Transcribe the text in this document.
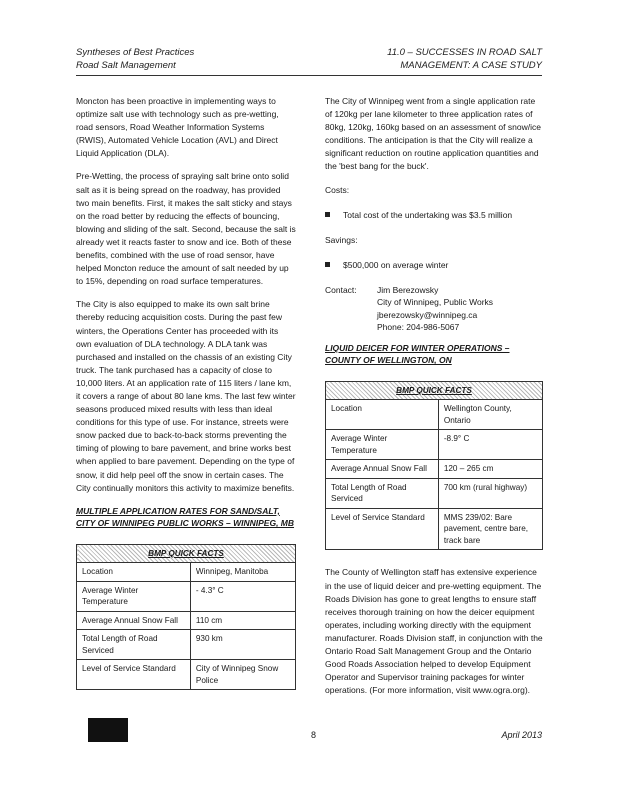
Syntheses of Best Practices
Road Salt Management
11.0 – SUCCESSES IN ROAD SALT
MANAGEMENT: A CASE STUDY

Moncton has been proactive in implementing ways to optimize salt use with technology such as pre-wetting, road sensors, Road Weather Information Systems (RWIS), Automated Vehicle Location (AVL) and Direct Liquid Application (DLA).

Pre-Wetting, the process of spraying salt brine onto solid salt as it is being spread on the roadway, has provided two main benefits. First, it makes the salt sticky and stays on the road better by reducing the effects of bouncing, blowing and sliding of the salt. Second, because the salt is already wet it reacts faster to snow and ice. Both of these benefits, combined with the use of road sensor, have helped Moncton reduce the amount of salt needed by up to 15%, depending on road surface temperatures.

The City is also equipped to make its own salt brine thereby reducing acquisition costs. During the past few winters, the Operations Center has proceeded with its own evaluation of DLA technology. A DLA tank was purchased and installed on the chassis of an existing City truck. The tank purchased has a capacity of close to 10,000 liters. At an application rate of 115 liters / lane km, it covers a range of about 80 lane kms. The last few winter seasons produced mixed results with less than ideal conditions for this type of use. For instance, streets were snow packed due to back-to-back storms preventing the timing of plowing to bare pavement, and brine works best when applied to bare pavement. Depending on the type of snow, it did help peel off the snow in certain cases. The City continually monitors this activity to maximize benefits.

MULTIPLE APPLICATION RATES FOR SAND/SALT, CITY OF WINNIPEG PUBLIC WORKS – WINNIPEG, MB
BMP QUICK FACTS	
Location	Winnipeg, Manitoba
Average Winter Temperature	- 4.3° C
Average Annual Snow Fall	110 cm
Total Length of Road Serviced	930 km
Level of Service Standard	City of Winnipeg Snow Police

The City of Winnipeg went from a single application rate of 120kg per lane kilometer to three application rates of 80kg, 120kg, 160kg based on an assessment of snow/ice conditions. The anticipation is that the City will realize a significant reduction on routine application quantities and the 'best bang for the buck'.

Costs:
Total cost of the undertaking was $3.5 million
Savings:
$500,000 on average winter
Contact:	Jim Berezowsky
City of Winnipeg, Public Works
jberezowsky@winnipeg.ca
Phone: 204-986-5067
LIQUID DEICER FOR WINTER OPERATIONS – COUNTY OF WELLINGTON, ON
BMP QUICK FACTS	
Location	Wellington County, Ontario
Average Winter Temperature	-8.9° C
Average Annual Snow Fall	120 – 265 cm
Total Length of Road Serviced	700 km (rural highway)
Level of Service Standard	MMS 239/02: Bare pavement, centre bare, track bare

The County of Wellington staff has extensive experience in the use of liquid deicer and pre-wetting equipment. The Roads Division has gone to great lengths to ensure staff receives thorough training on how the deicer equipment operates, including working directly with the equipment manufacturer. Roads Division staff, in conjunction with the Ontario Road Salt Management Group and the Ontario Good Roads Association helped to develop Equipment Operator and Supervisor training packages for winter operations. (For more information, visit www.ogra.org).

8	April 2013
